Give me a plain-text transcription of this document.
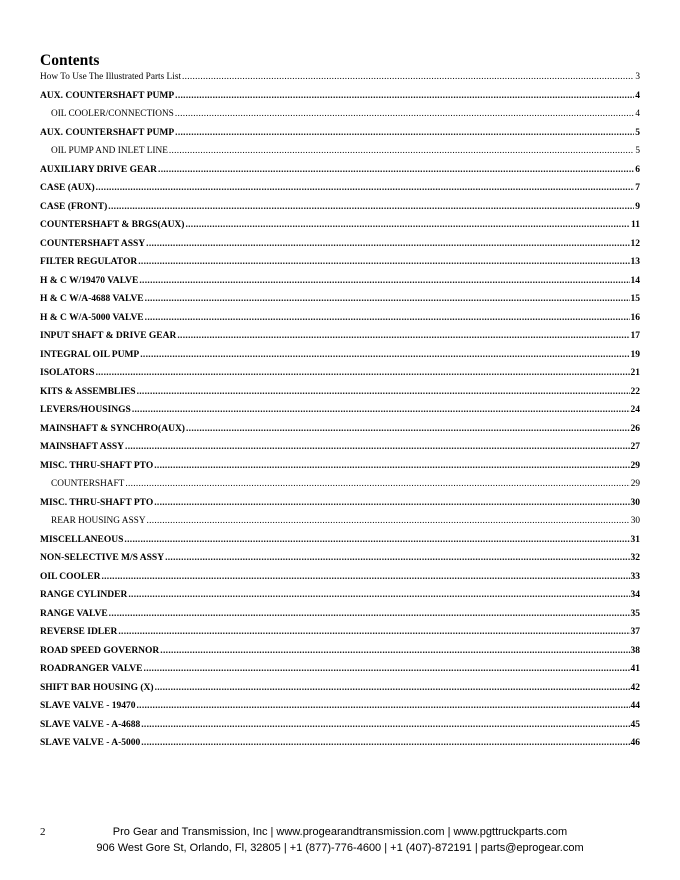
Contents
How To Use The Illustrated Parts List .....	3
AUX. COUNTERSHAFT PUMP .....	4
OIL COOLER/CONNECTIONS .....	4
AUX. COUNTERSHAFT PUMP .....	5
OIL PUMP AND INLET LINE .....	5
AUXILIARY DRIVE GEAR .....	6
CASE (AUX) .....	7
CASE (FRONT) .....	9
COUNTERSHAFT & BRGS(AUX) .....	11
COUNTERSHAFT ASSY .....	12
FILTER REGULATOR .....	13
H & C W/19470 VALVE .....	14
H & C W/A-4688 VALVE .....	15
H & C W/A-5000 VALVE .....	16
INPUT SHAFT & DRIVE GEAR .....	17
INTEGRAL OIL PUMP .....	19
ISOLATORS .....	21
KITS & ASSEMBLIES .....	22
LEVERS/HOUSINGS .....	24
MAINSHAFT & SYNCHRO(AUX) .....	26
MAINSHAFT ASSY .....	27
MISC. THRU-SHAFT PTO .....	29
COUNTERSHAFT .....	29
MISC. THRU-SHAFT PTO .....	30
REAR HOUSING ASSY .....	30
MISCELLANEOUS .....	31
NON-SELECTIVE M/S ASSY .....	32
OIL COOLER .....	33
RANGE CYLINDER .....	34
RANGE VALVE .....	35
REVERSE IDLER .....	37
ROAD SPEED GOVERNOR .....	38
ROADRANGER VALVE .....	41
SHIFT BAR HOUSING (X) .....	42
SLAVE VALVE - 19470 .....	44
SLAVE VALVE - A-4688 .....	45
SLAVE VALVE - A-5000 .....	46
2	Pro Gear and Transmission, Inc | www.progearandtransmission.com | www.pgttruckparts.com
906 West Gore St, Orlando, Fl, 32805 | +1 (877)-776-4600 | +1 (407)-872191 | parts@eprogear.com
